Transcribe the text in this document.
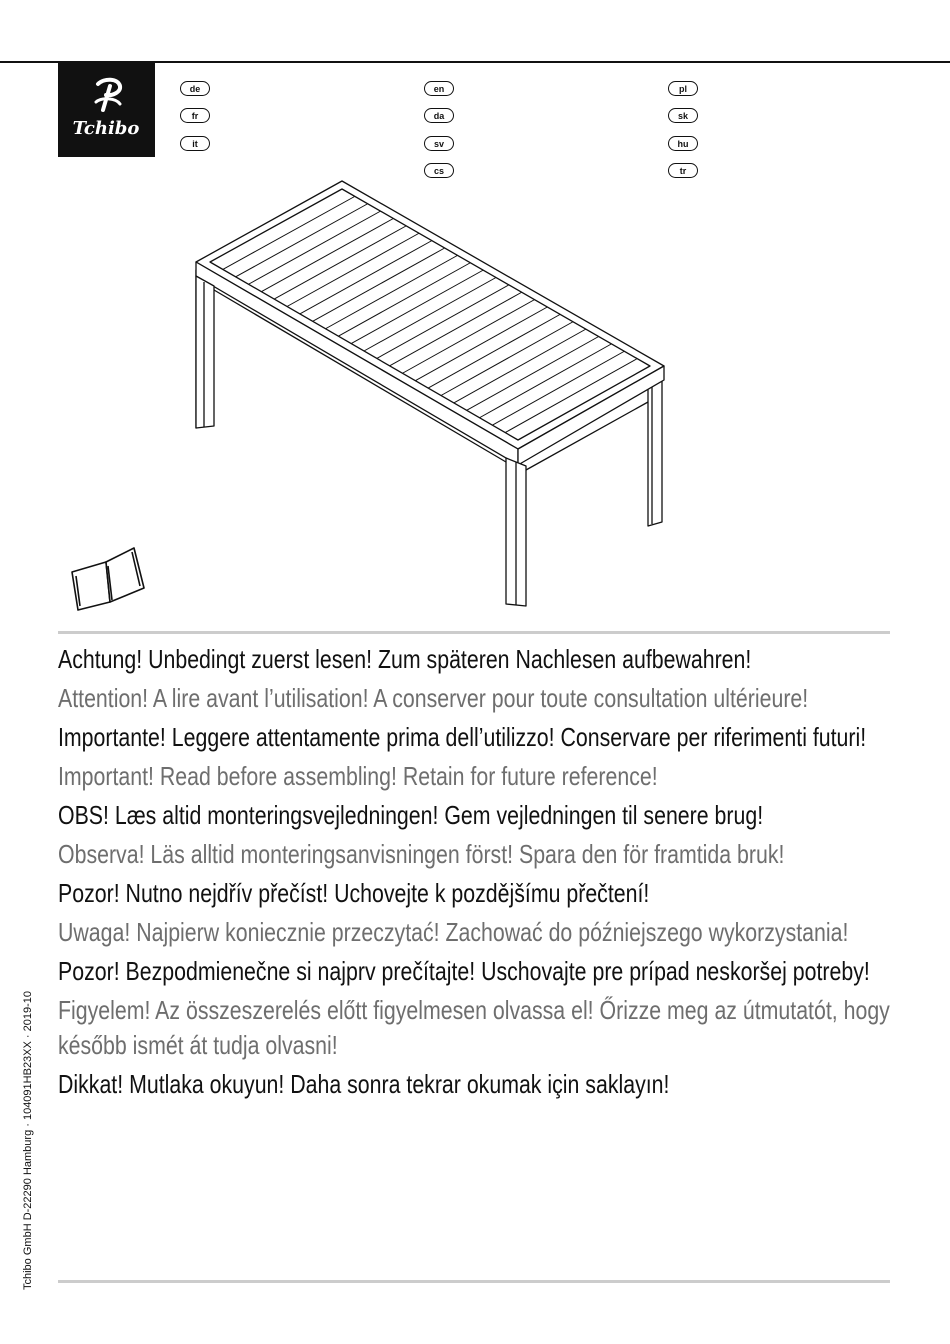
Tchibo
de
fr
it
en
da
sv
cs
pl
sk
hu
tr

Achtung! Unbedingt zuerst lesen! Zum späteren Nachlesen aufbewahren!

Attention! A lire avant l’utilisation! A conserver pour toute consultation ultérieure!

Importante! Leggere attentamente prima dell’utilizzo! Conservare per riferimenti futuri!

Important! Read before assembling! Retain for future reference!

OBS! Læs altid monteringsvejledningen! Gem vejledningen til senere brug!

Observa! Läs alltid monteringsanvisningen först! Spara den för framtida bruk!

Pozor! Nutno nejdřív přečíst! Uchovejte k pozdějšímu přečtení!

Uwaga! Najpierw koniecznie przeczytać! Zachować do późniejszego wykorzystania!

Pozor! Bezpodmienečne si najprv prečítajte! Uschovajte pre prípad neskoršej potreby!

Figyelem! Az összeszerelés előtt figyelmesen olvassa el! Őrizze meg az útmutatót, hogy később ismét át tudja olvasni!

Dikkat! Mutlaka okuyun! Daha sonra tekrar okumak için saklayın!

Tchibo GmbH D-22290 Hamburg · 104091HB23XX · 2019-10
